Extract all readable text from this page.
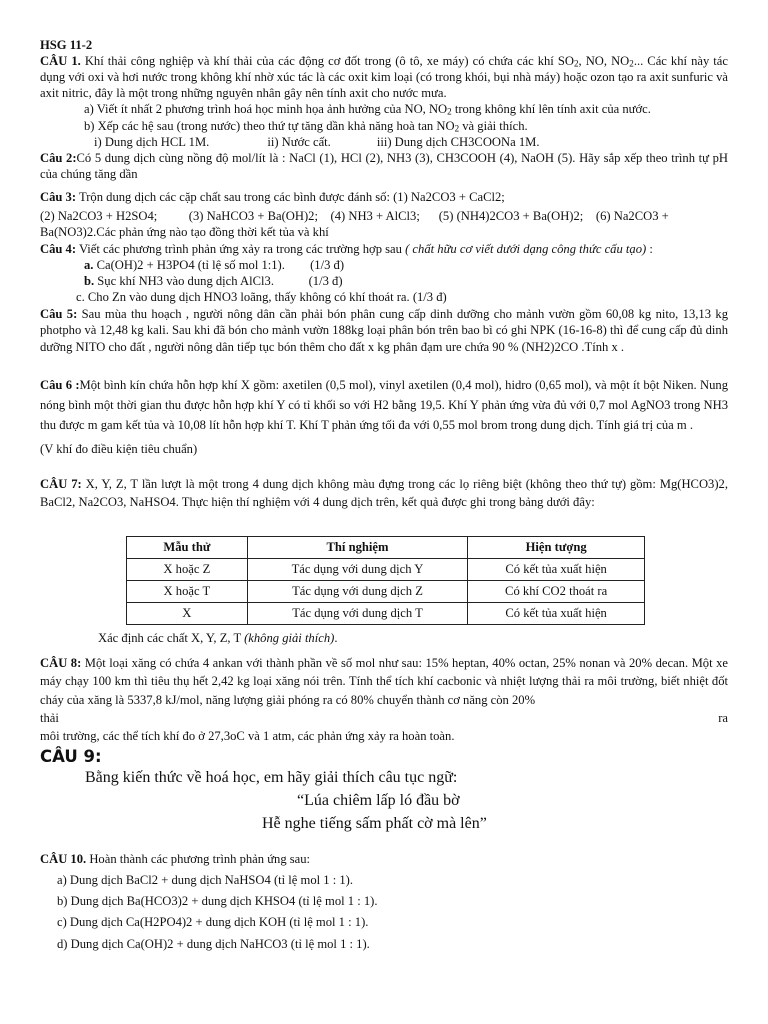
HSG 11-2

CÂU 1. Khí thải công nghiệp và khí thải của các động cơ đốt trong (ô tô, xe máy) có chứa các khí $SO_2$, NO, $NO_2$... Các khí này tác dụng với oxi và hơi nước trong không khí nhờ xúc tác là các oxit kim loại (có trong khói, bụi nhà máy) hoặc ozon tạo ra axit sunfuric và axit nitric, đây là một trong những nguyên nhân gây nên tính axit cho nước mưa.

a) Viết ít nhất 2 phương trình hoá học minh họa ảnh hưởng của NO, $NO_2$ trong không khí lên tính axit của nước.

b) Xếp các hệ sau (trong nước) theo thứ tự tăng dần khả năng hoà $\tan NO_2$ và giải thích.

i) Dung dịch HCL 1M.	ii) Nước cất.	iii) Dung dịch CH3COONa 1M.

Câu 2:Có 5 dung dịch cùng nồng độ mol/lít là : NaCl (1), HCl (2), NH3 (3), CH3COOH (4), NaOH (5). Hãy sắp xếp theo trình tự pH của chúng tăng dần

Câu 3: Trộn dung dịch các cặp chất sau trong các bình được đánh số: (1) Na2CO3 + CaCl2;

(2) Na2CO3 + H2SO4;          (3) NaHCO3 + Ba(OH)2;    (4) NH3 + AlCl3;      (5) (NH4)2CO3 + Ba(OH)2;    (6) Na2CO3 +

Ba(NO3)2.Các phản ứng nào tạo đồng thời kết tủa và khí

Câu 4: Viết các phương trình phản ứng xảy ra trong các trường hợp sau ( chất hữu cơ viết dưới dạng công thức cấu tạo) :

a. Ca(OH)2 + H3PO4 (tỉ lệ số mol 1:1).        (1/3 đ)

b. Sục khí NH3 vào dung dịch AlCl3.           (1/3 đ)

c. Cho Zn vào dung dịch HNO3 loãng, thấy không có khí thoát ra. (1/3 đ)

Câu 5: Sau mùa thu hoạch , người nông dân cần phải bón phân cung cấp dinh dưỡng cho mảnh vườn gồm 60,08 kg nito, 13,13 kg photpho và 12,48 kg kali. Sau khi đã bón cho mảnh vườn 188kg loại phân bón trên bao bì có ghi NPK (16-16-8) thì để cung cấp đủ dinh dưỡng NITO cho đất , người nông dân tiếp tục bón thêm cho đất x kg phân đạm ure chứa 90 % (NH2)2CO .Tính x .

Câu 6 :Một bình kín chứa hỗn hợp khí X gồm: axetilen (0,5 mol), vinyl axetilen (0,4 mol), hidro (0,65 mol), và một ít bột Niken. Nung nóng bình một thời gian thu được hỗn hợp khí Y có tỉ khối so với H2 bằng 19,5. Khí Y phản ứng vừa đủ với 0,7 mol AgNO3 trong NH3 thu được m gam kết tủa và 10,08 lít hỗn hợp khí T. Khí T phản ứng tối đa với 0,55 mol brom trong dung dịch. Tính giá trị của m .

(V khí đo điều kiện tiêu chuẩn)

CÂU 7: X, Y, Z, T lần lượt là một trong 4 dung dịch không màu đựng trong các lọ riêng biệt (không theo thứ tự) gồm: Mg(HCO3)2, BaCl2, Na2CO3, NaHSO4. Thực hiện thí nghiệm với 4 dung dịch trên, kết quả được ghi trong bảng dưới đây:

Mẫu thử	Thí nghiệm	Hiện tượng
X hoặc Z	Tác dụng với dung dịch Y	Có kết tủa xuất hiện
X hoặc T	Tác dụng với dung dịch Z	Có khí CO2 thoát ra
X	Tác dụng với dung dịch T	Có kết tủa xuất hiện

Xác định các chất X, Y, Z, T (không giải thích).

CÂU 8: Một loại xăng có chứa 4 ankan với thành phần về số mol như sau: 15% heptan, 40% octan, 25% nonan và 20% decan. Một xe máy chạy 100 km thì tiêu thụ hết 2,42 kg loại xăng nói trên. Tính thể tích khí cacbonic và nhiệt lượng thải ra môi trường, biết nhiệt đốt cháy của xăng là 5337,8 kJ/mol, năng lượng giải phóng ra có 80% chuyển thành cơ năng còn 20%

thải	ra

môi trường, các thể tích khí đo ở 27,3oC và 1 atm, các phản ứng xảy ra hoàn toàn.

CÂU 9:

Bằng kiến thức về hoá học, em hãy giải thích câu tục ngữ:

“Lúa chiêm lấp ló đầu bờ

Hễ nghe tiếng sấm phất cờ mà lên”

CÂU 10. Hoàn thành các phương trình phản ứng sau:

a) Dung dịch BaCl2 + dung dịch NaHSO4 (tỉ lệ mol 1 : 1).

b) Dung dịch Ba(HCO3)2 + dung dịch KHSO4 (tỉ lệ mol 1 : 1).

c) Dung dịch Ca(H2PO4)2 + dung dịch KOH (tỉ lệ mol 1 : 1).

d) Dung dịch Ca(OH)2 + dung dịch NaHCO3 (tỉ lệ mol 1 : 1).
